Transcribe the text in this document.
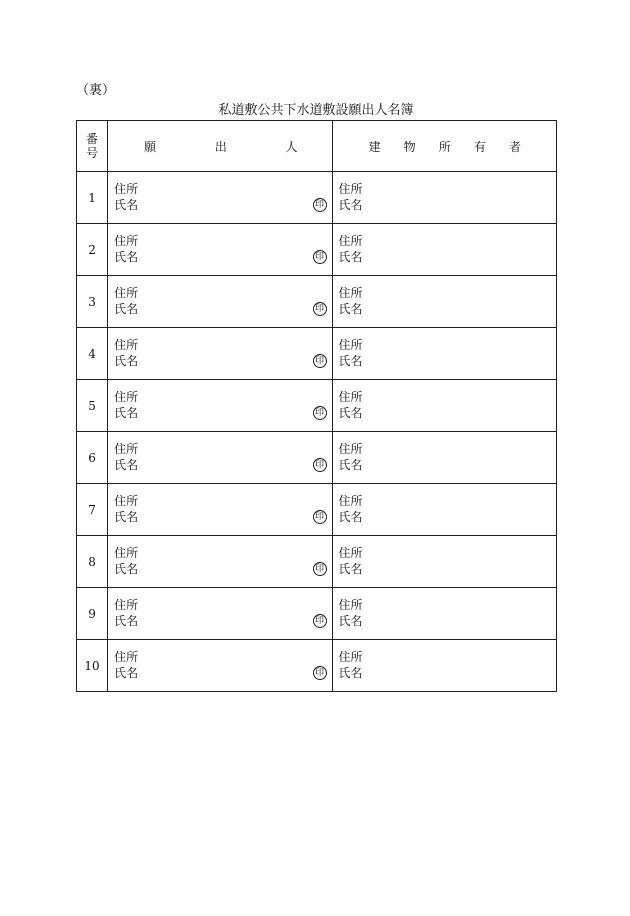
（裏）
私道敷公共下水道敷設願出人名簿
番
号	願 出 人	建 物 所 有 者

1	住所
氏名 印	住所
氏名

2	住所
氏名 印	住所
氏名

3	住所
氏名 印	住所
氏名

4	住所
氏名 印	住所
氏名

5	住所
氏名 印	住所
氏名

6	住所
氏名 印	住所
氏名

7	住所
氏名 印	住所
氏名

8	住所
氏名 印	住所
氏名

9	住所
氏名 印	住所
氏名

10	住所
氏名 印	住所
氏名
